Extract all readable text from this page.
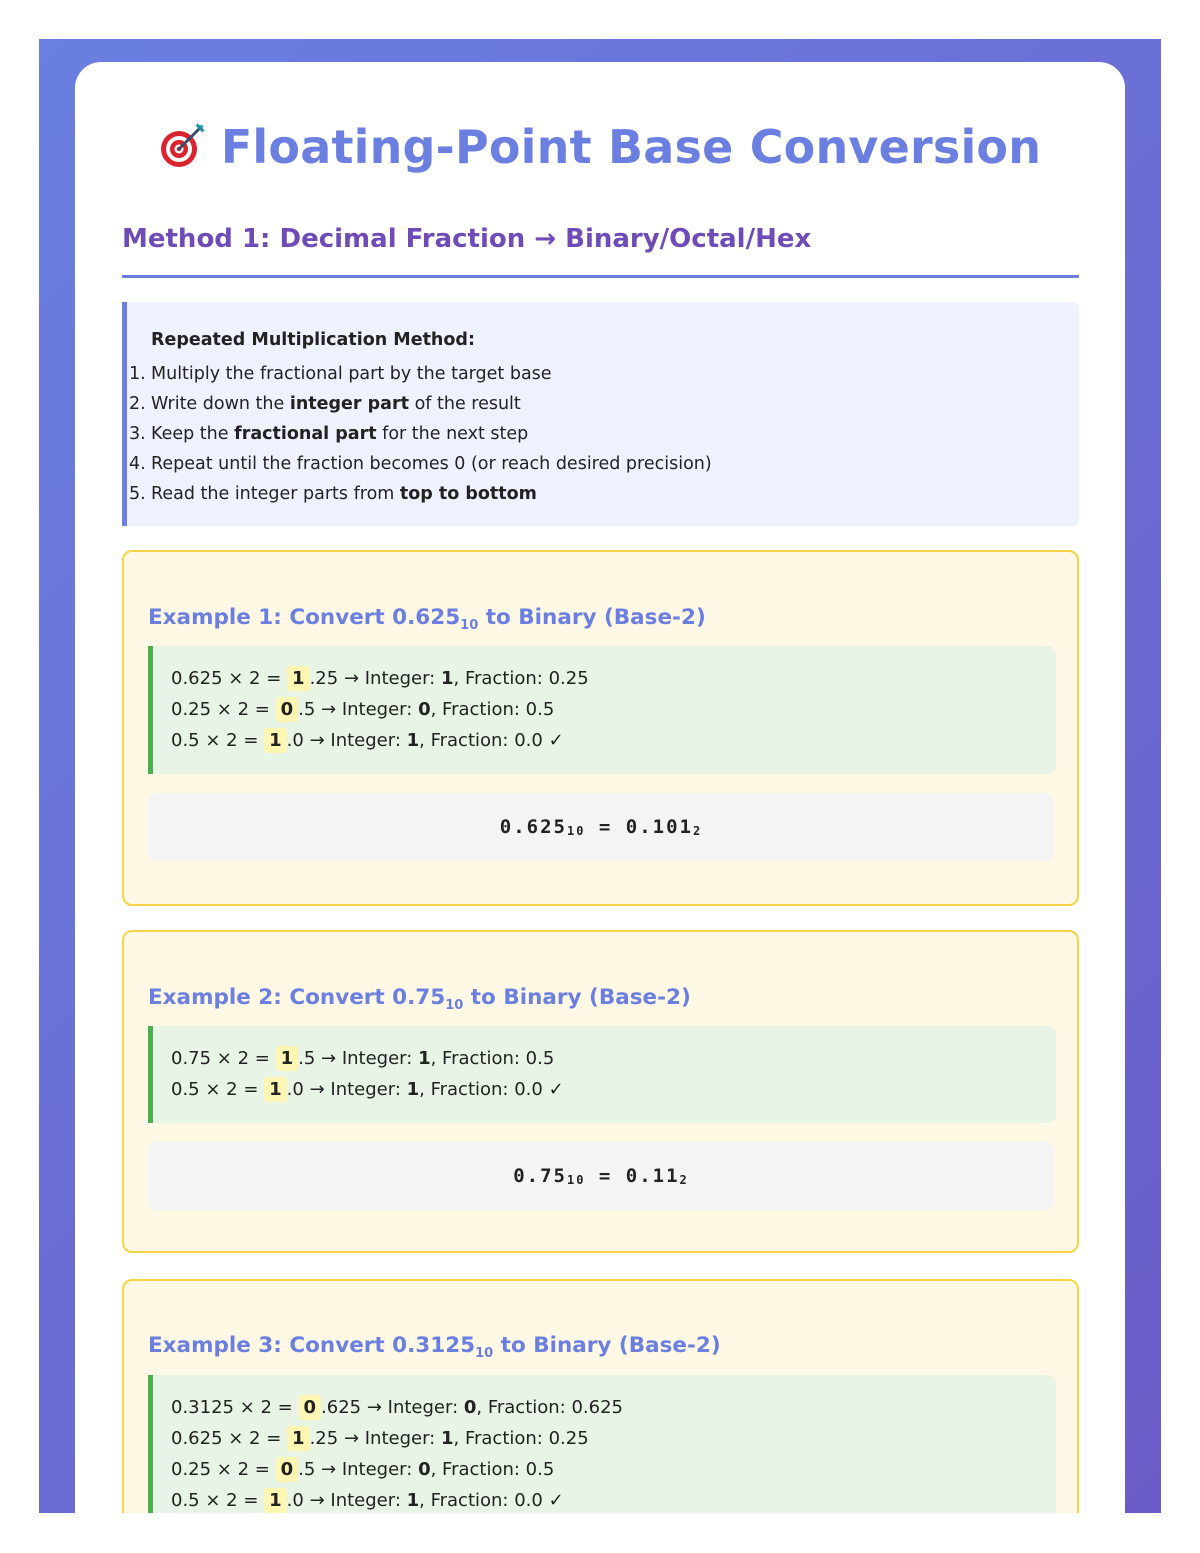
Floating-Point Base Conversion
Method 1: Decimal Fraction → Binary/Octal/Hex
Repeated Multiplication Method:
1. Multiply the fractional part by the target base
2. Write down the integer part of the result
3. Keep the fractional part for the next step
4. Repeat until the fraction becomes 0 (or reach desired precision)
5. Read the integer parts from top to bottom
Example 1: Convert $0.625_{10}$ to Binary (Base-2)
0.625 × 2 = 1 .25 → Integer: 1, Fraction: 0.25
0.25 × 2 = 0 .5 → Integer: 0, Fraction: 0.5
0.5 × 2 = 1 .0 → Integer: 1, Fraction: 0.0 ✓
$0.625_{10} = 0.101_2$
Example 2: Convert $0.75_{10}$ to Binary (Base-2)
0.75 × 2 = 1 .5 → Integer: 1, Fraction: 0.5
0.5 × 2 = 1 .0 → Integer: 1, Fraction: 0.0 ✓
$0.75_{10} = 0.11_2$
Example 3: Convert $0.3125_{10}$ to Binary (Base-2)
0.3125 × 2 = 0 .625 → Integer: 0, Fraction: 0.625
0.625 × 2 = 1 .25 → Integer: 1, Fraction: 0.25
0.25 × 2 = 0 .5 → Integer: 0, Fraction: 0.5
0.5 × 2 = 1 .0 → Integer: 1, Fraction: 0.0 ✓
